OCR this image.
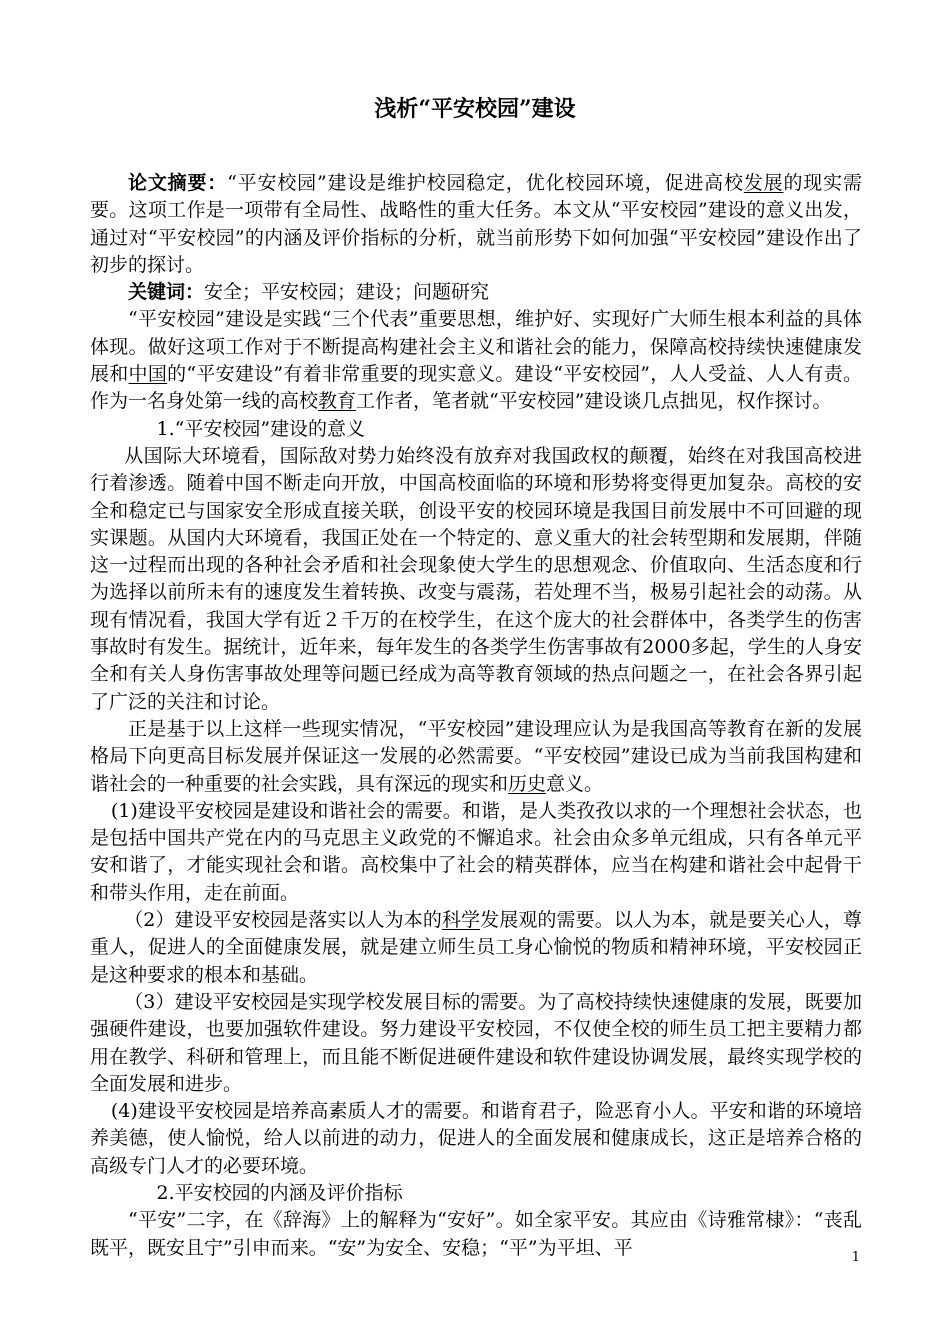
浅析“平安校园”建设

论文摘要：“平安校园”建设是维护校园稳定，优化校园环境，促进高校发展的现实需要。这项工作是一项带有全局性、战略性的重大任务。本文从“平安校园”建设的意义出发，通过对“平安校园”的内涵及评价指标的分析，就当前形势下如何加强“平安校园”建设作出了初步的探讨。

关键词：安全；平安校园；建设；问题研究

“平安校园”建设是实践“三个代表”重要思想，维护好、实现好广大师生根本利益的具体体现。做好这项工作对于不断提高构建社会主义和谐社会的能力，保障高校持续快速健康发展和中国的“平安建设”有着非常重要的现实意义。建设“平安校园”，人人受益、人人有责。作为一名身处第一线的高校教育工作者，笔者就“平安校园”建设谈几点拙见，权作探讨。

1.“平安校园”建设的意义

从国际大环境看，国际敌对势力始终没有放弃对我国政权的颠覆，始终在对我国高校进行着渗透。随着中国不断走向开放，中国高校面临的环境和形势将变得更加复杂。高校的安全和稳定已与国家安全形成直接关联，创设平安的校园环境是我国目前发展中不可回避的现实课题。从国内大环境看，我国正处在一个特定的、意义重大的社会转型期和发展期，伴随这一过程而出现的各种社会矛盾和社会现象使大学生的思想观念、价值取向、生活态度和行为选择以前所未有的速度发生着转换、改变与震荡，若处理不当，极易引起社会的动荡。从现有情况看，我国大学有近２千万的在校学生，在这个庞大的社会群体中，各类学生的伤害事故时有发生。据统计，近年来，每年发生的各类学生伤害事故有2000多起，学生的人身安全和有关人身伤害事故处理等问题已经成为高等教育领域的热点问题之一，在社会各界引起了广泛的关注和讨论。

正是基于以上这样一些现实情况，“平安校园”建设理应认为是我国高等教育在新的发展格局下向更高目标发展并保证这一发展的必然需要。“平安校园”建设已成为当前我国构建和谐社会的一种重要的社会实践，具有深远的现实和历史意义。

(1)建设平安校园是建设和谐社会的需要。和谐，是人类孜孜以求的一个理想社会状态，也是包括中国共产党在内的马克思主义政党的不懈追求。社会由众多单元组成，只有各单元平安和谐了，才能实现社会和谐。高校集中了社会的精英群体，应当在构建和谐社会中起骨干和带头作用，走在前面。

（2）建设平安校园是落实以人为本的科学发展观的需要。以人为本，就是要关心人，尊重人，促进人的全面健康发展，就是建立师生员工身心愉悦的物质和精神环境，平安校园正是这种要求的根本和基础。

（3）建设平安校园是实现学校发展目标的需要。为了高校持续快速健康的发展，既要加强硬件建设，也要加强软件建设。努力建设平安校园，不仅使全校的师生员工把主要精力都用在教学、科研和管理上，而且能不断促进硬件建设和软件建设协调发展，最终实现学校的全面发展和进步。

(4)建设平安校园是培养高素质人才的需要。和谐育君子，险恶育小人。平安和谐的环境培养美德，使人愉悦，给人以前进的动力，促进人的全面发展和健康成长，这正是培养合格的高级专门人才的必要环境。

2.平安校园的内涵及评价指标

“平安”二字，在《辞海》上的解释为“安好”。如全家平安。其应由《诗雅常棣》：“丧乱既平，既安且宁”引申而来。“安”为安全、安稳；“平”为平坦、平	1
